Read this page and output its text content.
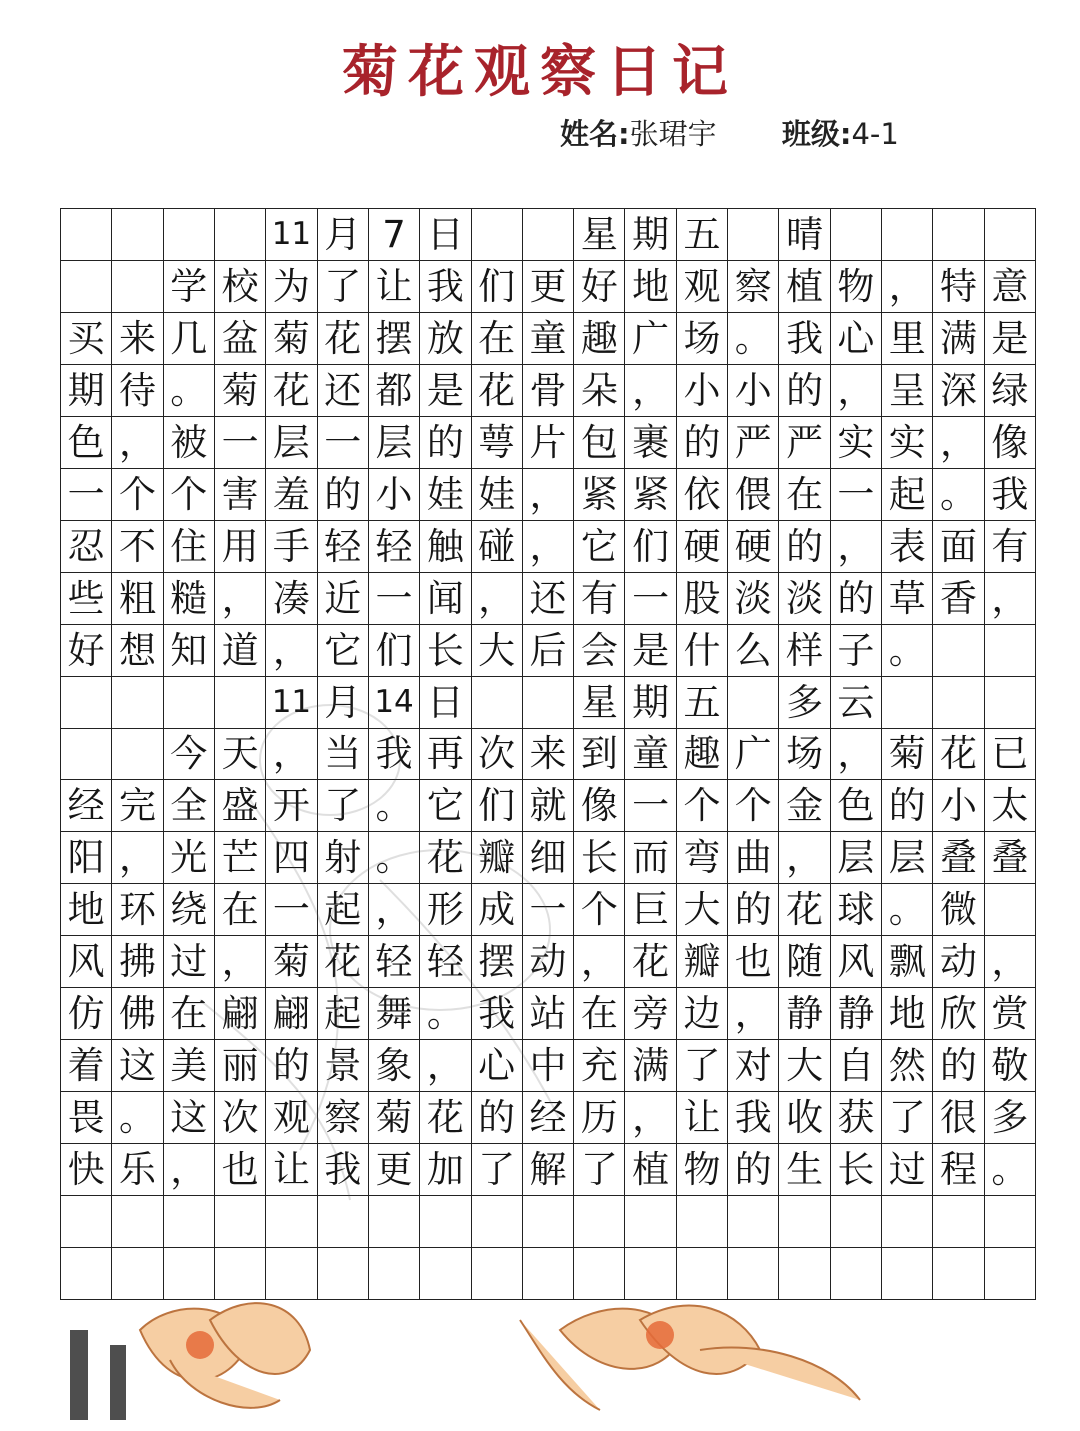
菊花观察日记
姓名:张珺宇 班级:4-1
11 月 7 日	星 期 五 晴
学 校 为 了 让 我 们 更 好 地 观 察 植 物 ， 特 意
买 来 几 盆 菊 花 摆 放 在 童 趣 广 场 。 我 心 里 满 是
期 待 。 菊 花 还 都 是 花 骨 朵 ， 小 小 的 ， 呈 深 绿
色 ， 被 一 层 一 层 的 萼 片 包 裹 的 严 严 实 实 ， 像
一 个 个 害 羞 的 小 娃 娃 ， 紧 紧 依 偎 在 一 起 。 我
忍 不 住 用 手 轻 轻 触 碰 ， 它 们 硬 硬 的 ， 表 面 有
些 粗 糙 ， 凑 近 一 闻 ， 还 有 一 股 淡 淡 的 草 香 ，
好 想 知 道 ， 它 们 长 大 后 会 是 什 么 样 子 。
11 月 14 日	星 期 五 多 云
今 天 ， 当 我 再 次 来 到 童 趣 广 场 ， 菊 花 已
经 完 全 盛 开 了 。 它 们 就 像 一 个 个 金 色 的 小 太
阳 ， 光 芒 四 射 。 花 瓣 细 长 而 弯 曲 ， 层 层 叠 叠
地 环 绕 在 一 起 ， 形 成 一 个 巨 大 的 花 球 。 微
风 拂 过 ， 菊 花 轻 轻 摆 动 ， 花 瓣 也 随 风 飘 动 ，
仿 佛 在 翩 翩 起 舞 。 我 站 在 旁 边 ， 静 静 地 欣 赏
着 这 美 丽 的 景 象 ， 心 中 充 满 了 对 大 自 然 的 敬
畏 。 这 次 观 察 菊 花 的 经 历 ， 让 我 收 获 了 很 多
快 乐 ， 也 让 我 更 加 了 解 了 植 物 的 生 长 过 程 。
